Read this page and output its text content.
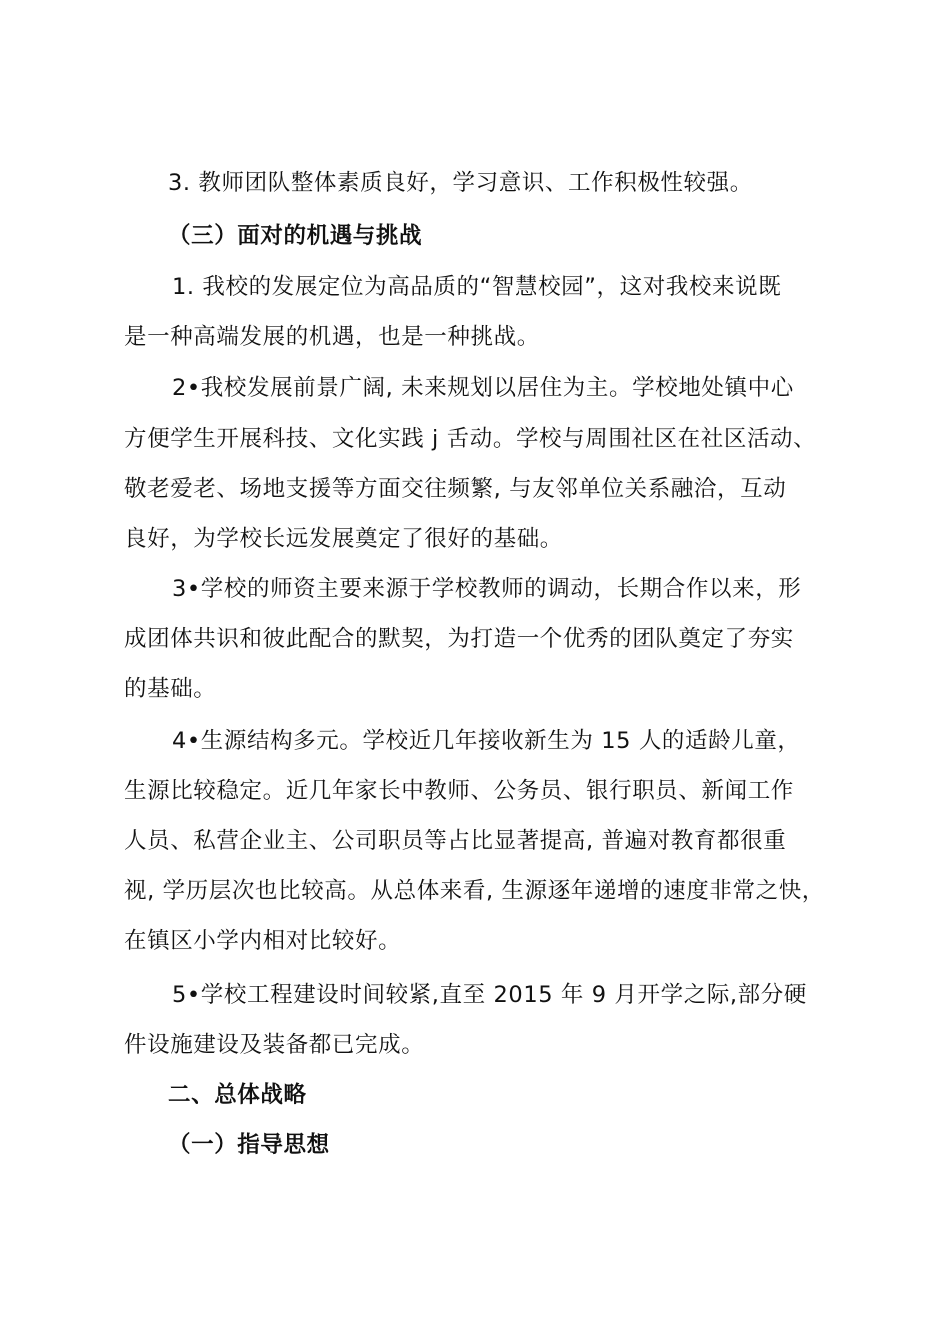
3. 教师团队整体素质良好，学习意识、工作积极性较强。
（三）面对的机遇与挑战
1. 我校的发展定位为高品质的“智慧校园”，这对我校来说既
是一种高端发展的机遇，也是一种挑战。
2•我校发展前景广阔, 未来规划以居住为主。学校地处镇中心
方便学生开展科技、文化实践 j 舌动。学校与周围社区在社区活动、
敬老爱老、场地支援等方面交往频繁, 与友邻单位关系融洽，互动
良好，为学校长远发展奠定了很好的基础。
3•学校的师资主要来源于学校教师的调动，长期合作以来，形
成团体共识和彼此配合的默契，为打造一个优秀的团队奠定了夯实
的基础。
4•生源结构多元。学校近几年接收新生为 15 人的适龄儿童，
生源比较稳定。近几年家长中教师、公务员、银行职员、新闻工作
人员、私营企业主、公司职员等占比显著提高, 普遍对教育都很重
视, 学历层次也比较高。从总体来看, 生源逐年递增的速度非常之快，
在镇区小学内相对比较好。
5•学校工程建设时间较紧,直至 2015 年 9 月开学之际,部分硬
件设施建设及装备都已完成。
二、总体战略
（一）指导思想
